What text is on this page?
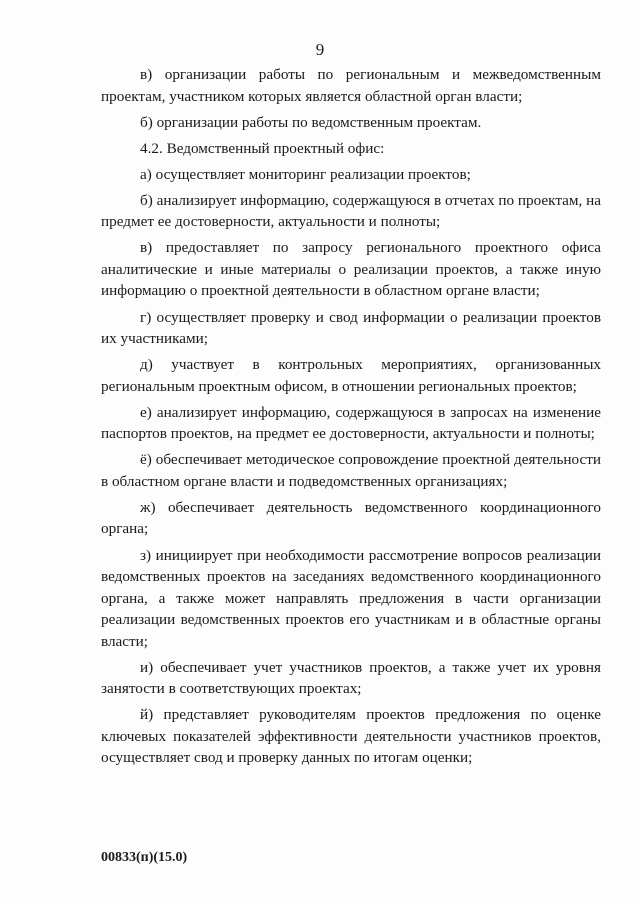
9

в) организации работы по региональным и межведомственным проектам, участником которых является областной орган власти;

б) организации работы по ведомственным проектам.

4.2. Ведомственный проектный офис:

а) осуществляет мониторинг реализации проектов;

б) анализирует информацию, содержащуюся в отчетах по проектам, на предмет ее достоверности, актуальности и полноты;

в) предоставляет по запросу регионального проектного офиса аналитические и иные материалы о реализации проектов, а также иную информацию о проектной деятельности в областном органе власти;

г) осуществляет проверку и свод информации о реализации проектов их участниками;

д) участвует в контрольных мероприятиях, организованных региональным проектным офисом, в отношении региональных проектов;

е) анализирует информацию, содержащуюся в запросах на изменение паспортов проектов, на предмет ее достоверности, актуальности и полноты;

ё) обеспечивает методическое сопровождение проектной деятельности в областном органе власти и подведомственных организациях;

ж) обеспечивает деятельность ведомственного координационного органа;

з) инициирует при необходимости рассмотрение вопросов реализации ведомственных проектов на заседаниях ведомственного координационного органа, а также может направлять предложения в части организации реализации ведомственных проектов его участникам и в областные органы власти;

и) обеспечивает учет участников проектов, а также учет их уровня занятости в соответствующих проектах;

й) представляет руководителям проектов предложения по оценке ключевых показателей эффективности деятельности участников проектов, осуществляет свод и проверку данных по итогам оценки;

00833(п)(15.0)
